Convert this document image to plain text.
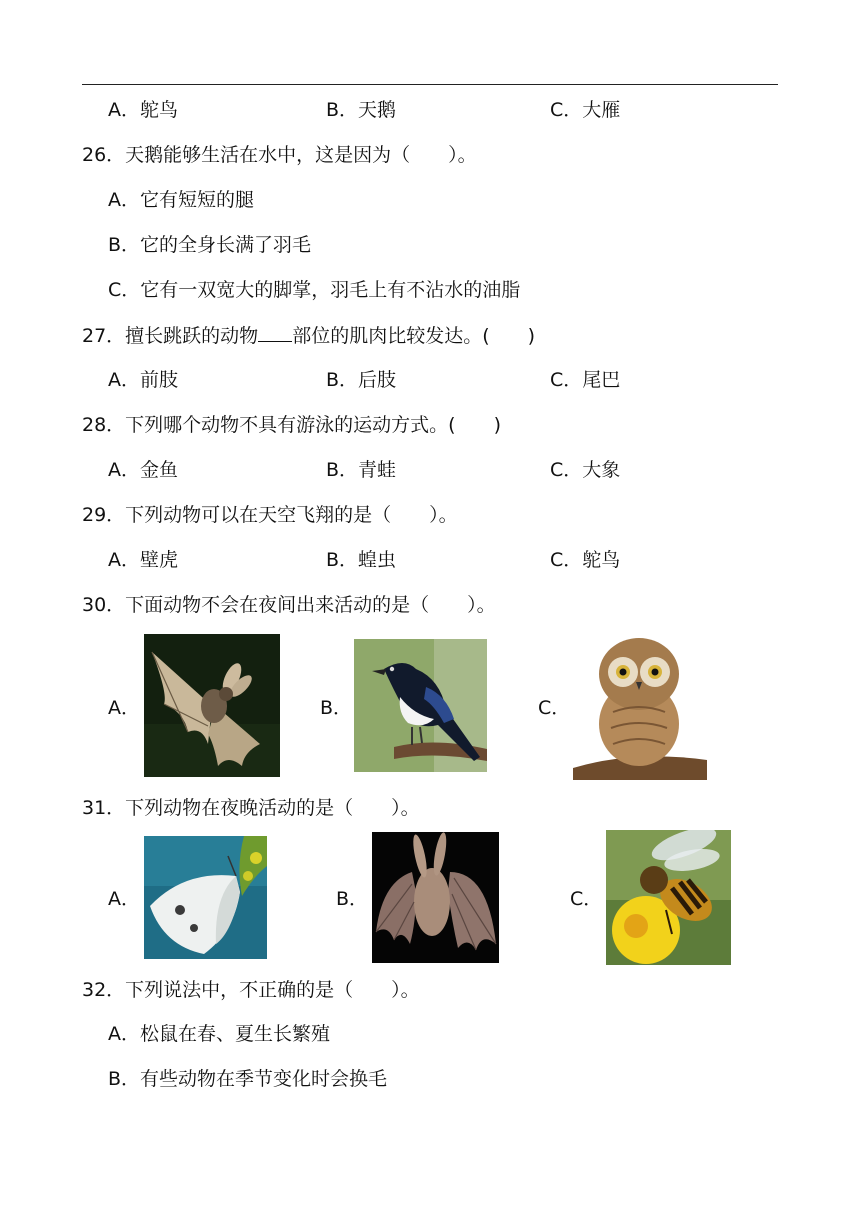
A．鸵鸟	B．天鹅	C．大雁
26．天鹅能够生活在水中，这是因为（　　）。
A．它有短短的腿
B．它的全身长满了羽毛
C．它有一双宽大的脚掌，羽毛上有不沾水的油脂
27．擅长跳跃的动物 部位的肌肉比较发达。(　　)
A．前肢	B．后肢	C．尾巴
28．下列哪个动物不具有游泳的运动方式。(　　)
A．金鱼	B．青蛙	C．大象
29．下列动物可以在天空飞翔的是（　　）。
A．壁虎	B．蝗虫	C．鸵鸟
30．下面动物不会在夜间出来活动的是（　　）。
A．	B．	C．
31．下列动物在夜晚活动的是（　　）。
A．	B．	C．
32．下列说法中，不正确的是（　　）。
A．松鼠在春、夏生长繁殖
B．有些动物在季节变化时会换毛
